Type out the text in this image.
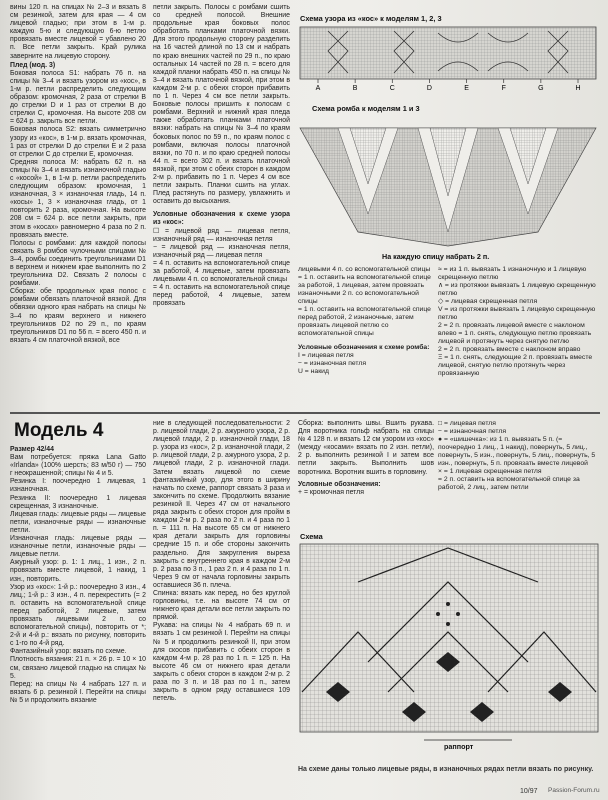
вины 120 п. на спицах № 2–3 и вязать 8 см резинкой, затем для края — 4 см лицевой гладью; при этом в 1-м р. каждую 5-ю и следующую 6-ю петлю провязать вместе лицевой = убавлено 20 п. Все петли закрыть. Край рулика заверните на лицевую сторону.

Плед (мод. 3)

Боковая полоса S1: набрать 76 п. на спицы № 3–4 и вязать узором из «кос», в 1-м р. петли распределить следующим образом: кромочная, 2 раза от стрелки B до стрелки D и 1 раз от стрелки B до стрелки C, кромочная. На высоте 208 см = 624 р. закрыть все петли.

Боковая полоса S2: вязать симметрично узору из «кос», в 1-м р. вязать кромочная, 1 раз от стрелки D до стрелки E и 2 раза от стрелки C до стрелки E, кромочная.

Средняя полоса M: набрать 62 п. на спицы № 3–4 и вязать изнаночной гладью с «косой» 1, в 1-м р. петли распределить следующим образом: кромочная, 1 изнаночная, 3 × изнаночная гладь, 14 п. «косы» 1, 3 × изнаночная гладь, от 1 повторить 2 раза, кромочная. На высоте 208 см = 624 р. все петли закрыть, при этом в «косах» равномерно 4 раза по 2 п. провязать вместе.

Полосы с ромбами: для каждой полосы связать 8 ромбов чулочными спицами № 3–4, ромбы соединить треугольниками D1 в верхнем и нижнем крае выполнить по 2 треугольника D2. Связать 2 полосы с ромбами.

Сборка: обе продольных края полос с ромбами обвязать платочной вязкой. Для обвязки одного края набрать на спицы № 3–4 по краям верхнего и нижнего треугольников D2 по 29 п., по краям треугольников D1 по 56 п. = всего 450 п. и вязать 4 см платочной вязкой, все

петли закрыть. Полосы с ромбами сшить со средней полосой. Внешние продольные края боковых полос обработать планками платочной вязки. Для этого продольную сторону разделить на 16 частей длиной по 13 см и набрать по краю внешних частей по 29 п., по краю остальных 14 частей по 28 п. = всего для каждой планки набрать 450 п. на спицы № 3–4 и вязать платочной вязкой, при этом в каждом 2-м р. с обеих сторон прибавить по 1 п. Через 4 см все петли закрыть. Боковые полосы пришить к полосам с ромбами. Верхний и нижний края пледа также обработать планками платочной вязки: набрать на спицы № 3–4 по краям боковых полос по 59 п., по краям полос с ромбами, включая полосы платочной вязки, по 70 п. и по краю средней полосы 44 п. = всего 302 п. и вязать платочной вязкой, при этом с обеих сторон в каждом 2-м р. прибавить по 1 п. Через 4 см все петли закрыть. Планки сшить на углах. Плед растянуть по размеру, увлажнить и оставить до высыхания.

Условные обозначения к схеме узора из «кос»:

☐ = лицевой ряд — лицевая петля, изнаночный ряд — изнаночная петля

− = лицевой ряд — изнаночная петля, изнаночный ряд — лицевая петля

= 4 п. оставить на вспомогательной спице за работой, 4 лицевые, затем провязать лицевыми 4 п. со вспомогательной спицы

= 4 п. оставить на вспомогательной спице перед работой, 4 лицевые, затем провязать

Схема узора из «кос» к моделям 1, 2, 3
A	B	C	D	E	F	G	H
Схема ромба к моделям 1 и 3
На каждую спицу набрать 2 п.

лицевыми 4 п. со вспомогательной спицы

= 1 п. оставить на вспомогательной спице за работой, 1 лицевая, затем провязать изнаночными 2 п. со вспомогательной спицы

= 1 п. оставить на вспомогательной спице перед работой, 2 изнаночные, затем провязать лицевой петлю со вспомогательной спицы

Условные обозначения к схеме ромба:

I = лицевая петля

− = изнаночная петля

U = накид

≈ = из 1 п. вывязать 1 изнаночную и 1 лицевую скрещенную петлю

∧ = из протяжки вывязать 1 лицевую скрещенную петлю

◇ = лицевая скрещенная петля

V = из протяжки вывязать 1 лицевую скрещенную петлю

2 = 2 п. провязать лицевой вместе с наклоном влево = 1 п. снять, следующую петлю провязать лицевой и протянуть через снятую петлю

2 = 2 п. провязать вместе с наклоном вправо

Ξ = 1 п. снять, следующие 2 п. провязать вместе лицевой, снятую петлю протянуть через провязанную

Модель 4

Размер 42/44

Вам потребуется: пряжа Lana Gatto «Irlanda» (100% шерсть; 83 м/50 г) — 750 г неокрашенной; спицы № 4 и 5.

Резинка I: поочередно 1 лицевая, 1 изнаночная.

Резинка II: поочередно 1 лицевая скрещенная, 3 изнаночные.

Лицевая гладь: лицевые ряды — лицевые петли, изнаночные ряды — изнаночные петли.

Изнаночная гладь: лицевые ряды — изнаночные петли, изнаночные ряды — лицевые петли.

Ажурный узор: р. 1: 1 лиц., 1 изн., 2 п. провязать вместе лицевой, 1 накид, 1 изн., повторить.

Узор из «кос»: 1-й р.: поочередно 3 изн., 4 лиц.; 1-й р.: 3 изн., 4 п. перекрестить (= 2 п. оставить на вспомогательной спице перед работой, 2 лицевые, затем провязать лицевыми 2 п. со вспомогательной спицы), повторить от *; 2-й и 4-й р.: вязать по рисунку, повторить с 1-го по 4-й ряд.

Фантазийный узор: вязать по схеме.

Плотность вязания: 21 п. × 26 р. = 10 × 10 см, связано лицевой гладью на спицах № 5.

Перед: на спицы № 4 набрать 127 п. и вязать 6 р. резинкой I. Перейти на спицы № 5 и продолжить вязание

ние в следующей последовательности: 2 р. лицевой глади, 2 р. ажурного узора, 2 р. лицевой глади, 2 р. изнаночной глади, 18 р. узора из «кос», 2 р. изнаночной глади, 2 р. лицевой глади, 2 р. ажурного узора, 2 р. лицевой глади, 2 р. изнаночной глади. Затем вязать лицевой по схеме фантазийный узор, для этого в ширину начать по схеме, раппорт связать 3 раза и закончить по схеме. Продолжить вязание резинкой II. Через 47 см от начального ряда закрыть с обеих сторон для пройм в каждом 2-м р. 2 раза по 2 п. и 4 раза по 1 п. = 111 п. На высоте 65 см от нижнего края детали закрыть для горловины средние 15 п. и обе стороны закончить раздельно. Для закругления выреза закрыть с внутреннего края в каждом 2-м р. 2 раза по 3 п., 1 раз 2 п. и 4 раза по 1 п. Через 9 см от начала горловины закрыть оставшиеся 36 п. плеча.

Спинка: вязать как перед, но без круглой горловины, т.е. на высоте 74 см от нижнего края детали все петли закрыть по прямой.

Рукава: на спицы № 4 набрать 69 п. и вязать 1 см резинкой I. Перейти на спицы № 5 и продолжить резинкой II, при этом для скосов прибавить с обеих сторон в каждом 4-м р. 28 раз по 1 п. = 125 п. На высоте 46 см от нижнего края детали закрыть с обеих сторон в каждом 2-м р. 2 раза по 3 п. и 18 раз по 1 п., затем закрыть в одном ряду оставшиеся 109 петель.

Сборка: выполнить швы. Вшить рукава. Для воротника гольф набрать на спицы № 4 128 п. и вязать 12 см узором из «кос» (между «косами» вязать по 2 изн. петли), 2 р. выполнить резинкой I и затем все петли закрыть. Выполнить шов воротника. Воротник вшить в горловину.

Условные обозначения:

+ = кромочная петля

□ = лицевая петля

− = изнаночная петля

● = «шишечка»: из 1 п. вывязать 5 п. (= поочередно 1 лиц., 1 накид), повернуть, 5 лиц., повернуть, 5 изн., повернуть, 5 лиц., повернуть, 5 изн., повернуть, 5 п. провязать вместе лицевой

× = 1 лицевая скрещенная петля

= 2 п. оставить на вспомогательной спице за работой, 2 лиц., затем петли

Схема
раппорт
На схеме даны только лицевые ряды, в изнаночных рядах петли вязать по рисунку.
10/97 Passion-Forum.ru
